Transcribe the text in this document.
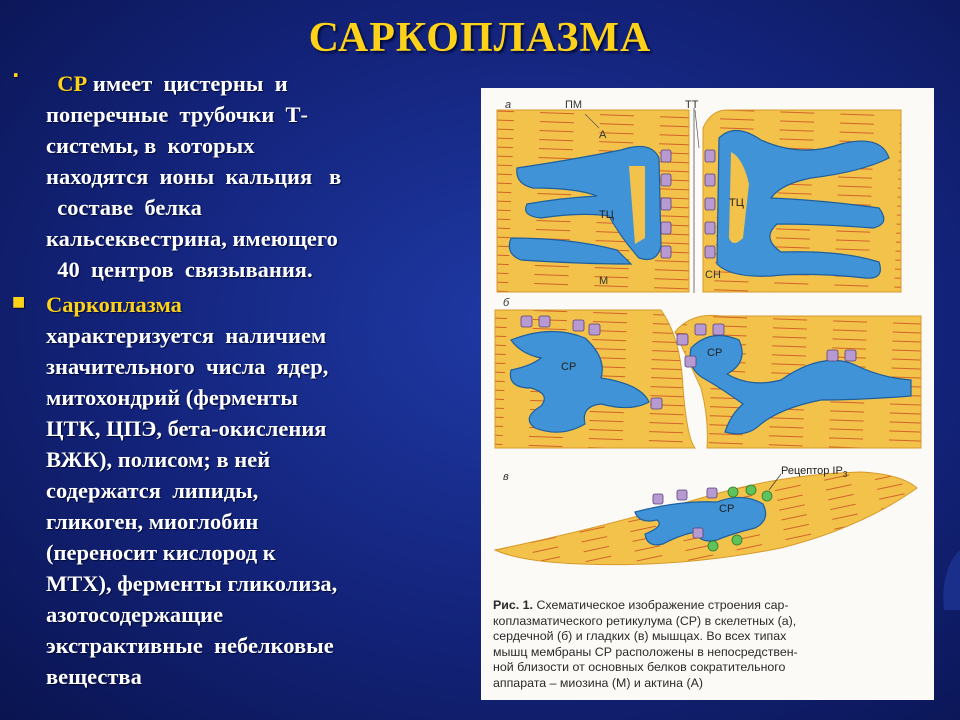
САРКОПЛАЗМА
·	СР имеет  цистерны  и
поперечные  трубочки  Т-
системы, в  которых
находятся  ионы  кальция   в
составе  белка
кальсеквестрина, имеющего
40  центров  связывания.
■ Саркоплазма
характеризуется  наличием
значительного  числа  ядер,
митохондрий (ферменты
ЦТК, ЦПЭ, бета-окисления
ВЖК), полисом; в ней
содержатся  липиды,
гликоген, миоглобин
(переносит кислород к
МТХ), ферменты гликолиза,
азотосодержащие
экстрактивные  небелковые
вещества
а	ПМ
А
ТТ
ТЦ
ТЦ
М	СН
б
СР
СР
в	Рецептор $IP_3$
СР
Рис. 1. Схематическое изображение строения сар-
коплазматического ретикулума (СР) в скелетных (а),
сердечной (б) и гладких (в) мышцах. Во всех типах
мышц мембраны СР расположены в непосредствен-
ной близости от основных белков сократительного
аппарата – миозина (М) и актина (А)
